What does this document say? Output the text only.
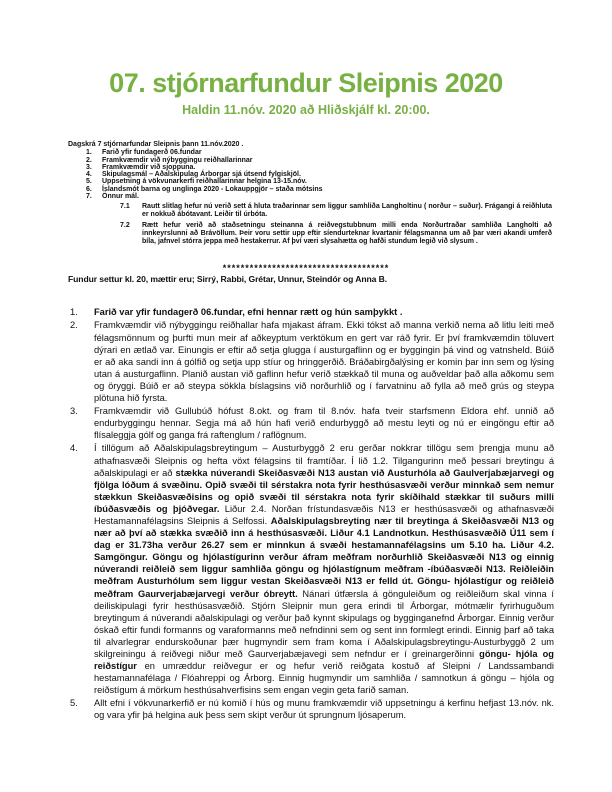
07. stjórnarfundur Sleipnis 2020
Haldin 11.nóv. 2020 að Hliðskjálf kl. 20:00.
Dagskrá 7 stjórnarfundar Sleipnis þann 11.nóv.2020 .
1.	Farið yfir fundagerð 06.fundar
2.	Framkvæmdir við nýbyggingu reiðhallarinnar
3.	Framkvæmdir við sjoppuna.
4.	Skipulagsmál – Aðalskipulag Árborgar sjá útsend fylgiskjöl.
5.	Uppsetning á vökvunarkerfi reiðhallarinnar helgina 13-15.nóv.
6.	Íslandsmót barna og unglinga 2020 - Lokauppgjör – staða mótsins
7.	Önnur mál.
7.1	Rautt slitlag hefur nú verið sett á hluta traðarinnar sem liggur samhliða Langholtinu ( norður – suður). Frágangi á reiðhluta er nokkuð ábótavant. Leiðir til úrbóta.
7.2	Rætt hefur verið að staðsetningu steinanna á reiðvegstubbnum milli enda Norðurtraðar samhliða Langholti að innkeyrslunni að Brávöllum. Þeir voru settir upp eftir síendurteknar kvartanir félagsmanna um að þar væri akandi umferð bíla, jafnvel stórra jeppa með hestakerrur. Af því væri slysahætta og hafði stundum legið við slysum .
*************************************
Fundur settur kl. 20, mættir eru; Sirrý, Rabbi, Grétar, Unnur, Steindór og Anna B.
1.	Farið var yfir fundagerð 06.fundar, efni hennar rætt og hún samþykkt .
2.	Framkvæmdir við nýbyggingu reiðhallar hafa mjakast áfram. Ekki tókst að manna verkið nema að litlu leiti með félagsmönnum og þurfti mun meir af aðkeyptum verktökum en gert var ráð fyrir. Er því framkvæmdin töluvert dýrari en ætlað var. Einungis er eftir að setja glugga í austurgaflinn og er byggingin þá vind og vatnsheld. Búið er að aka sandi inn á gólfið og setja upp stíur og hringgerðið. Bráðabirgðalýsing er komin þar inn sem og lýsing utan á austurgaflinn. Planið austan við gaflinn hefur verið stækkað til muna og auðveldar það alla aðkomu sem og öryggi. Búið er að steypa sökkla bíslagsins við norðurhlið og í farvatninu að fylla að með grús og steypa plötuna hið fyrsta.
3.	Framkvæmdir við Gullubúð hófust 8.okt. og fram til 8.nóv. hafa tveir starfsmenn Eldora ehf. unnið að endurbyggingu hennar. Segja má að hún hafi verið endurbyggð að mestu leyti og nú er eingöngu eftir að flísaleggja gólf og ganga frá raftenglum / raflögnum.
4.	Í tillögum að Aðalskipulagsbreytingum – Austurbyggð 2 eru gerðar nokkrar tillögu sem þrengja munu að athafnasvæði Sleipnis og hefta vöxt félagsins til framtíðar. Í lið 1.2. Tilgangurinn með þessari breytingu á aðalskipulagi er að stækka núverandi Skeiðasvæði N13 austan við Austurhóla að Gaulverjabæjarvegi og fjölga lóðum á svæðinu. Opið svæði til sérstakra nota fyrir hesthúsasvæði verður minnkað sem nemur stækkun Skeiðasvæðisins og opið svæði til sérstakra nota fyrir skíðihald stækkar til suðurs milli íbúðasvæðis og þjóðvegar. Liður 2.4. Norðan frístundasvæðis N13 er hesthúsasvæði og athafnasvæði Hestamannafélagsins Sleipnis á Selfossi. Aðalskipulagsbreyting nær til breytinga á Skeiðasvæði N13 og nær að því að stækka svæðið inn á hesthúsasvæði. Liður 4.1 Landnotkun. Hesthúsasvæðið Ú11 sem í dag er 31.73ha verður 26.27 sem er minnkun á svæði hestamannafélagsins um 5.10 ha. Liður 4.2. Samgöngur. Göngu og hjólastígurinn verður áfram meðfram norðurhlið Skeiðasvæði N13 og einnig núverandi reiðleið sem liggur samhliða göngu og hjólastígnum meðfram -íbúðasvæði N13. Reiðleiðin meðfram Austurhólum sem liggur vestan Skeiðasvæði N13 er felld út. Göngu- hjólastígur og reiðleið meðfram Gaurverjabæjarvegi verður óbreytt. Nánari útfærsla á gönguleiðum og reiðleiðum skal vinna í deiliskipulagi fyrir hesthúsasvæðið. Stjórn Sleipnir mun gera erindi til Árborgar, mótmælir fyrirhuguðum breytingum á núverandi aðalskipulagi og verður það kynnt skipulags og bygginganefnd Árborgar. Einnig verður óskað eftir fundi formanns og varaformanns með nefndinni sem og sent inn formlegt erindi. Einnig þarf að taka til alvarlegrar endurskoðunar þær hugmyndir sem fram koma í Aðalskipulagsbreytingu-Austurbyggð 2 um skilgreiningu á reiðvegi niður með Gaurverjabæjavegi sem nefndur er í greinargerðinni göngu- hjóla og reiðstígur en umræddur reiðvegur er og hefur verið reiðgata kostuð af Sleipni / Landssambandi hestamannafélaga / Flóahreppi og Árborg. Einnig hugmyndir um samhliða / samnotkun á göngu – hjóla og reiðstígum á mörkum hesthúsahverfisins sem engan vegin geta farið saman.
5.	Allt efni í vökvunarkerfið er nú komið í hús og munu framkvæmdir við uppsetningu á kerfinu hefjast 13.nóv. nk. og vara yfir þá helgina auk þess sem skipt verður út sprungnum ljósaperum.
